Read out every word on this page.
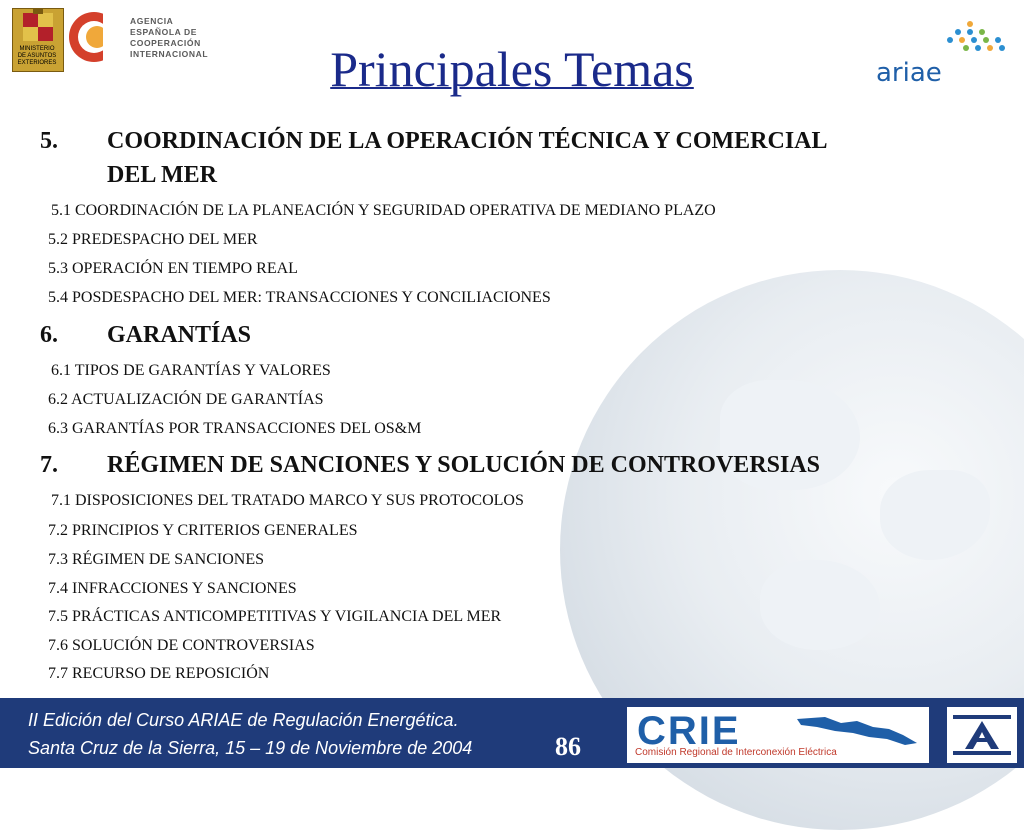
MINISTERIO
DE ASUNTOS
EXTERIORES
AGENCIA
ESPAÑOLA DE
COOPERACIÓN
INTERNACIONAL
ariae
Principales Temas
5. COORDINACIÓN DE LA OPERACIÓN TÉCNICA Y COMERCIAL
DEL MER
5.1 COORDINACIÓN DE LA PLANEACIÓN Y SEGURIDAD OPERATIVA DE MEDIANO PLAZO
5.2 PREDESPACHO DEL MER
5.3 OPERACIÓN EN TIEMPO REAL
5.4 POSDESPACHO DEL MER: TRANSACCIONES Y CONCILIACIONES
6. GARANTÍAS
6.1 TIPOS DE GARANTÍAS Y VALORES
6.2 ACTUALIZACIÓN DE GARANTÍAS
6.3 GARANTÍAS POR TRANSACCIONES DEL OS&M
7. RÉGIMEN DE SANCIONES Y SOLUCIÓN DE CONTROVERSIAS
7.1 DISPOSICIONES DEL TRATADO MARCO Y SUS PROTOCOLOS
7.2 PRINCIPIOS Y CRITERIOS GENERALES
7.3 RÉGIMEN DE SANCIONES
7.4 INFRACCIONES Y SANCIONES
7.5 PRÁCTICAS ANTICOMPETITIVAS Y VIGILANCIA DEL MER
7.6 SOLUCIÓN DE CONTROVERSIAS
7.7 RECURSO DE REPOSICIÓN
II Edición del Curso ARIAE de Regulación Energética.
Santa Cruz de la Sierra, 15 – 19 de Noviembre de 2004	86 CRIE
Comisión Regional de Interconexión Eléctrica
